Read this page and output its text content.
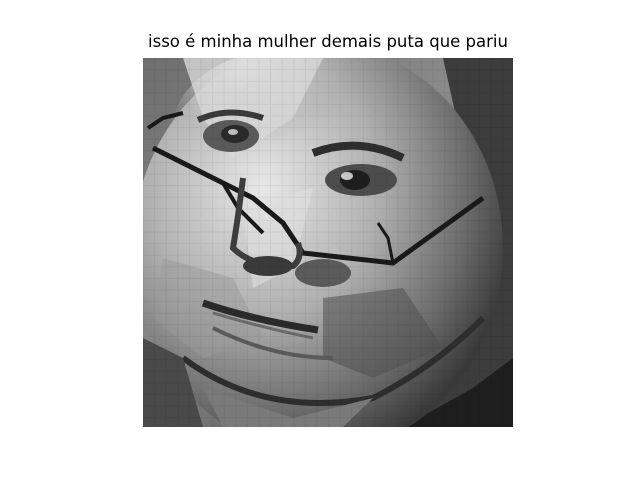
isso é minha mulher demais puta que pariu
